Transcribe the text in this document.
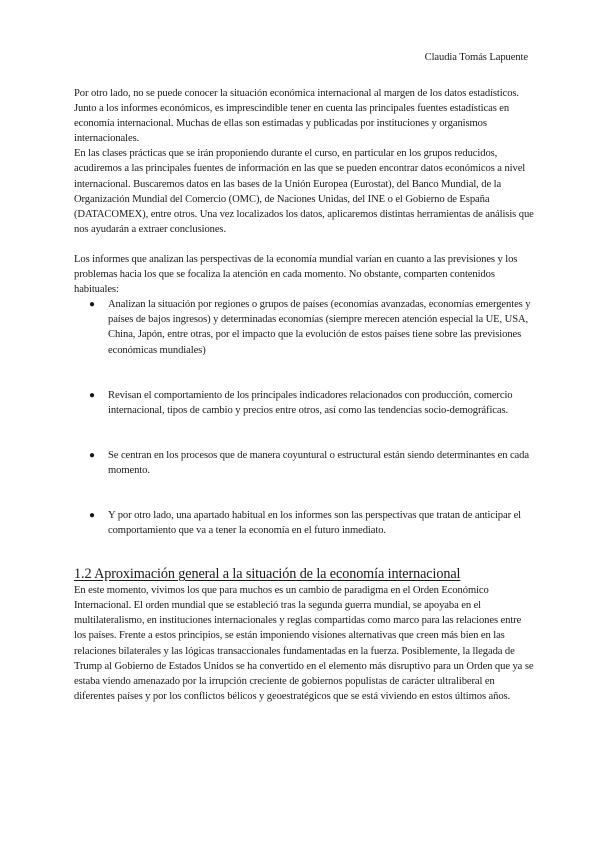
Claudia Tomás Lapuente

Por otro lado, no se puede conocer la situación económica internacional al margen de los datos estadísticos. Junto a los informes económicos, es imprescindible tener en cuenta las principales fuentes estadísticas en economía internacional. Muchas de ellas son estimadas y publicadas por instituciones y organismos internacionales.

En las clases prácticas que se irán proponiendo durante el curso, en particular en los grupos reducidos, acudiremos a las principales fuentes de información en las que se pueden encontrar datos económicos a nivel internacional. Buscaremos datos en las bases de la Unión Europea (Eurostat), del Banco Mundial, de la Organización Mundial del Comercio (OMC), de Naciones Unidas, del INE o el Gobierno de España (DATACOMEX), entre otros. Una vez localizados los datos, aplicaremos distintas herramientas de análisis que nos ayudarán a extraer conclusiones.

Los informes que analizan las perspectivas de la economía mundial varían en cuanto a las previsiones y los problemas hacia los que se focaliza la atención en cada momento. No obstante, comparten contenidos habituales:

● Analizan la situación por regiones o grupos de países (economías avanzadas, economías emergentes y países de bajos ingresos) y determinadas economías (siempre merecen atención especial la UE, USA, China, Japón, entre otras, por el impacto que la evolución de estos países tiene sobre las previsiones económicas mundiales)
● Revisan el comportamiento de los principales indicadores relacionados con producción, comercio internacional, tipos de cambio y precios entre otros, así como las tendencias socio-demográficas.
● Se centran en los procesos que de manera coyuntural o estructural están siendo determinantes en cada momento.
● Y por otro lado, una apartado habitual en los informes son las perspectivas que tratan de anticipar el comportamiento que va a tener la economía en el futuro inmediato.
1.2 Aproximación general a la situación de la economía internacional

En este momento, vivimos los que para muchos es un cambio de paradigma en el Orden Económico Internacional. El orden mundial que se estableció tras la segunda guerra mundial, se apoyaba en el multilateralismo, en instituciones internacionales y reglas compartidas como marco para las relaciones entre los países. Frente a estos principios, se están imponiendo visiones alternativas que creen más bien en las relaciones bilaterales y las lógicas transaccionales fundamentadas en la fuerza. Posiblemente, la llegada de Trump al Gobierno de Estados Unidos se ha convertido en el elemento más disruptivo para un Orden que ya se estaba viendo amenazado por la irrupción creciente de gobiernos populistas de carácter ultraliberal en diferentes países y por los conflictos bélicos y geoestratégicos que se está viviendo en estos últimos años.
